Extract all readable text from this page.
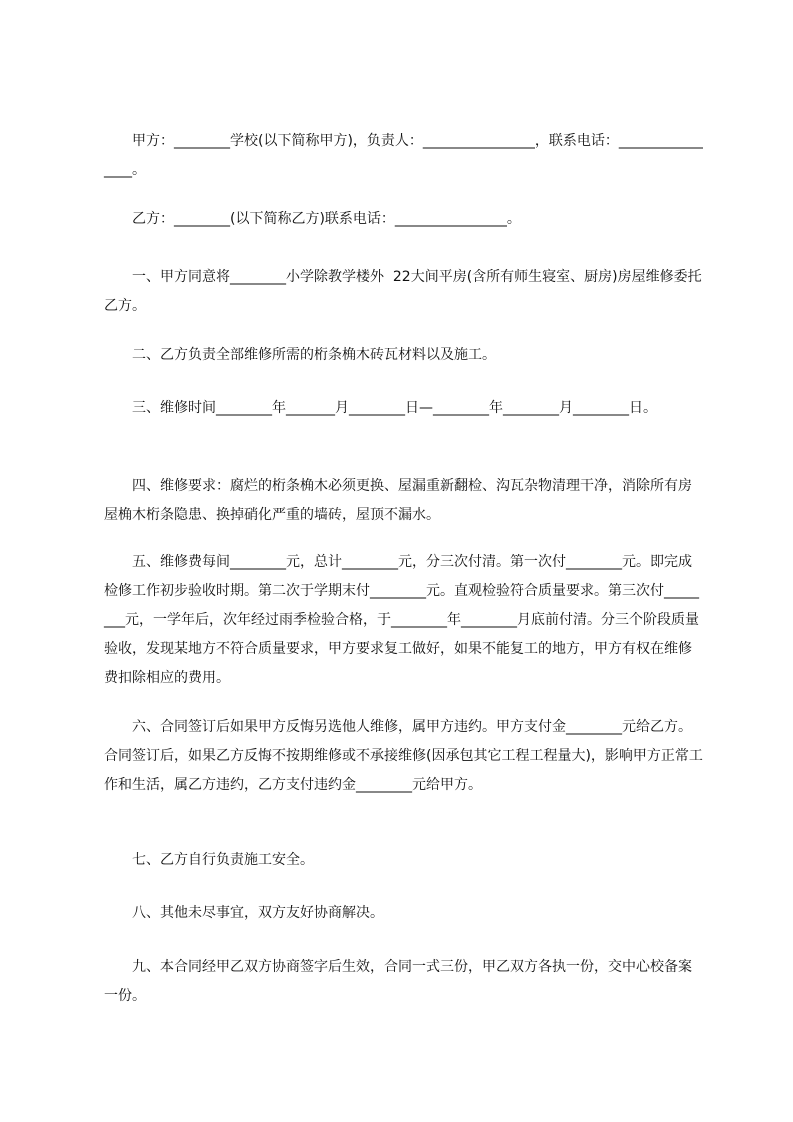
甲方：________学校(以下简称甲方)，负责人：________________，联系电话：________________。

乙方：________(以下简称乙方)联系电话：________________。

一、甲方同意将________小学除教学楼外  22大间平房(含所有师生寝室、厨房)房屋维修委托乙方。

二、乙方负责全部维修所需的桁条桷木砖瓦材料以及施工。

三、维修时间________年_______月________日—________年________月________日。

四、维修要求：腐烂的桁条桷木必须更换、屋漏重新翻检、沟瓦杂物清理干净，消除所有房屋桷木桁条隐患、换掉硝化严重的墙砖，屋顶不漏水。

五、维修费每间________元，总计________元，分三次付清。第一次付________元。即完成检修工作初步验收时期。第二次于学期末付________元。直观检验符合质量要求。第三次付________元，一学年后，次年经过雨季检验合格，于________年________月底前付清。分三个阶段质量验收，发现某地方不符合质量要求，甲方要求复工做好，如果不能复工的地方，甲方有权在维修费扣除相应的费用。

六、合同签订后如果甲方反悔另选他人维修，属甲方违约。甲方支付金________元给乙方。合同签订后，如果乙方反悔不按期维修或不承接维修(因承包其它工程工程量大)，影响甲方正常工作和生活，属乙方违约，乙方支付违约金________元给甲方。

七、乙方自行负责施工安全。

八、其他未尽事宜，双方友好协商解决。

九、本合同经甲乙双方协商签字后生效，合同一式三份，甲乙双方各执一份，交中心校备案一份。
